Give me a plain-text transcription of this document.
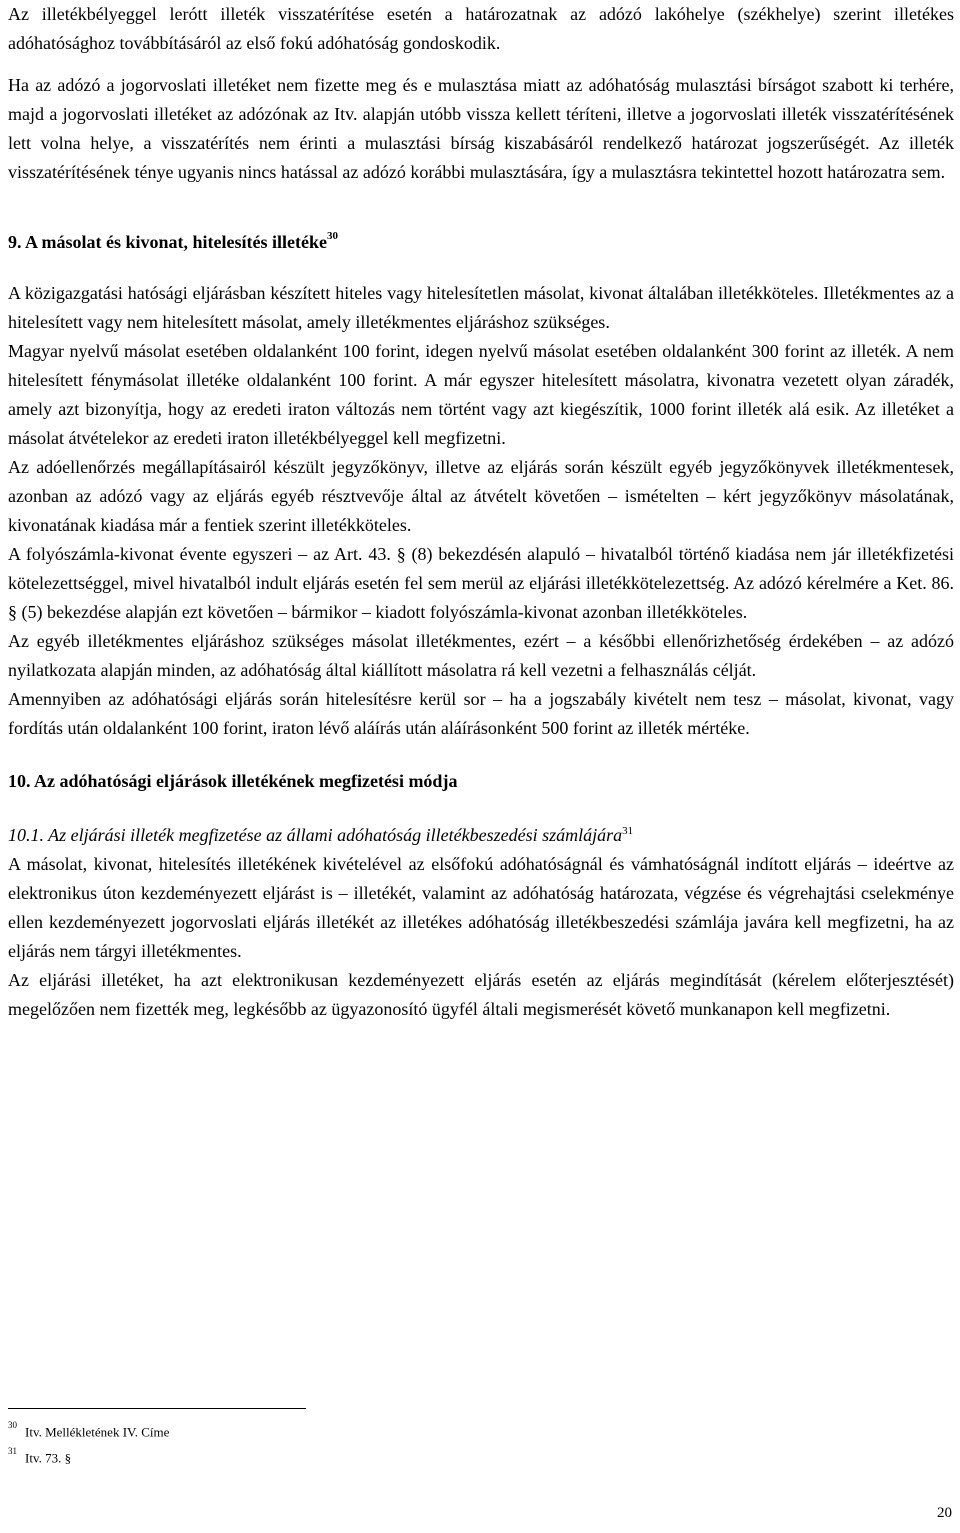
Az illetékbélyeggel lerótt illeték visszatérítése esetén a határozatnak az adózó lakóhelye (székhelye) szerint illetékes adóhatósághoz továbbításáról az első fokú adóhatóság gondoskodik.

Ha az adózó a jogorvoslati illetéket nem fizette meg és e mulasztása miatt az adóhatóság mulasztási bírságot szabott ki terhére, majd a jogorvoslati illetéket az adózónak az Itv. alapján utóbb vissza kellett téríteni, illetve a jogorvoslati illeték visszatérítésének lett volna helye, a visszatérítés nem érinti a mulasztási bírság kiszabásáról rendelkező határozat jogszerűségét. Az illeték visszatérítésének ténye ugyanis nincs hatással az adózó korábbi mulasztására, így a mulasztásra tekintettel hozott határozatra sem.

9. A másolat és kivonat, hitelesítés illetéke$^{30}$

A közigazgatási hatósági eljárásban készített hiteles vagy hitelesítetlen másolat, kivonat általában illetékköteles. Illetékmentes az a hitelesített vagy nem hitelesített másolat, amely illetékmentes eljáráshoz szükséges.

Magyar nyelvű másolat esetében oldalanként 100 forint, idegen nyelvű másolat esetében oldalanként 300 forint az illeték. A nem hitelesített fénymásolat illetéke oldalanként 100 forint. A már egyszer hitelesített másolatra, kivonatra vezetett olyan záradék, amely azt bizonyítja, hogy az eredeti iraton változás nem történt vagy azt kiegészítik, 1000 forint illeték alá esik. Az illetéket a másolat átvételekor az eredeti iraton illetékbélyeggel kell megfizetni.

Az adóellenőrzés megállapításairól készült jegyzőkönyv, illetve az eljárás során készült egyéb jegyzőkönyvek illetékmentesek, azonban az adózó vagy az eljárás egyéb résztvevője által az átvételt követően – ismételten – kért jegyzőkönyv másolatának, kivonatának kiadása már a fentiek szerint illetékköteles.

A folyószámla-kivonat évente egyszeri – az Art. 43. § (8) bekezdésén alapuló – hivatalból történő kiadása nem jár illetékfizetési kötelezettséggel, mivel hivatalból indult eljárás esetén fel sem merül az eljárási illetékkötelezettség. Az adózó kérelmére a Ket. 86. § (5) bekezdése alapján ezt követően – bármikor – kiadott folyószámla-kivonat azonban illetékköteles.

Az egyéb illetékmentes eljáráshoz szükséges másolat illetékmentes, ezért – a későbbi ellenőrizhetőség érdekében – az adózó nyilatkozata alapján minden, az adóhatóság által kiállított másolatra rá kell vezetni a felhasználás célját.

Amennyiben az adóhatósági eljárás során hitelesítésre kerül sor – ha a jogszabály kivételt nem tesz – másolat, kivonat, vagy fordítás után oldalanként 100 forint, iraton lévő aláírás után aláírásonként 500 forint az illeték mértéke.

10. Az adóhatósági eljárások illetékének megfizetési módja

10.1. Az eljárási illeték megfizetése az állami adóhatóság illetékbeszedési számlájára$^{31}$

A másolat, kivonat, hitelesítés illetékének kivételével az elsőfokú adóhatóságnál és vámhatóságnál indított eljárás – ideértve az elektronikus úton kezdeményezett eljárást is – illetékét, valamint az adóhatóság határozata, végzése és végrehajtási cselekménye ellen kezdeményezett jogorvoslati eljárás illetékét az illetékes adóhatóság illetékbeszedési számlája javára kell megfizetni, ha az eljárás nem tárgyi illetékmentes.

Az eljárási illetéket, ha azt elektronikusan kezdeményezett eljárás esetén az eljárás megindítását (kérelem előterjesztését) megelőzően nem fizették meg, legkésőbb az ügyazonosító ügyfél általi megismerését követő munkanapon kell megfizetni.

$^{30}$ Itv. Mellékletének IV. Címe
$^{31}$ Itv. 73. §
20
